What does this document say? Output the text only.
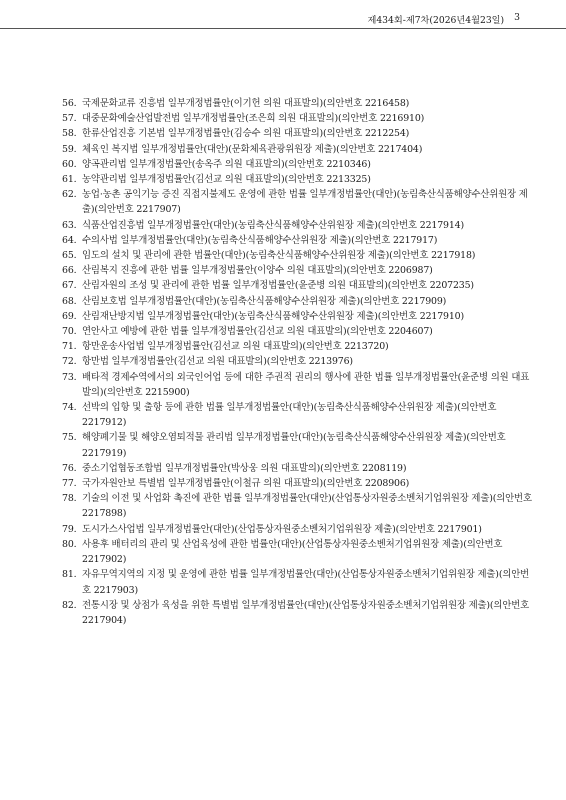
제434회-제7차(2026년4월23일) 3
56. 국제문화교류 진흥법 일부개정법률안(이기헌 의원 대표발의)(의안번호 2216458)
57. 대중문화예술산업발전법 일부개정법률안(조은희 의원 대표발의)(의안번호 2216910)
58. 한류산업진흥 기본법 일부개정법률안(김승수 의원 대표발의)(의안번호 2212254)
59. 체육인 복지법 일부개정법률안(대안)(문화체육관광위원장 제출)(의안번호 2217404)
60. 양곡관리법 일부개정법률안(송옥주 의원 대표발의)(의안번호 2210346)
61. 농약관리법 일부개정법률안(김선교 의원 대표발의)(의안번호 2213325)
62. 농업·농촌 공익기능 증진 직접지불제도 운영에 관한 법률 일부개정법률안(대안)(농림축산식품해양수산위원장 제출)(의안번호 2217907)
63. 식품산업진흥법 일부개정법률안(대안)(농림축산식품해양수산위원장 제출)(의안번호 2217914)
64. 수의사법 일부개정법률안(대안)(농림축산식품해양수산위원장 제출)(의안번호 2217917)
65. 임도의 설치 및 관리에 관한 법률안(대안)(농림축산식품해양수산위원장 제출)(의안번호 2217918)
66. 산림복지 진흥에 관한 법률 일부개정법률안(이양수 의원 대표발의)(의안번호 2206987)
67. 산림자원의 조성 및 관리에 관한 법률 일부개정법률안(윤준병 의원 대표발의)(의안번호 2207235)
68. 산림보호법 일부개정법률안(대안)(농림축산식품해양수산위원장 제출)(의안번호 2217909)
69. 산림재난방지법 일부개정법률안(대안)(농림축산식품해양수산위원장 제출)(의안번호 2217910)
70. 연안사고 예방에 관한 법률 일부개정법률안(김선교 의원 대표발의)(의안번호 2204607)
71. 항만운송사업법 일부개정법률안(김선교 의원 대표발의)(의안번호 2213720)
72. 항만법 일부개정법률안(김선교 의원 대표발의)(의안번호 2213976)
73. 배타적 경제수역에서의 외국인어업 등에 대한 주권적 권리의 행사에 관한 법률 일부개정법률안(윤준병 의원 대표발의)(의안번호 2215900)
74. 선박의 입항 및 출항 등에 관한 법률 일부개정법률안(대안)(농림축산식품해양수산위원장 제출)(의안번호 2217912)
75. 해양폐기물 및 해양오염퇴적물 관리법 일부개정법률안(대안)(농림축산식품해양수산위원장 제출)(의안번호 2217919)
76. 중소기업협동조합법 일부개정법률안(박상웅 의원 대표발의)(의안번호 2208119)
77. 국가자원안보 특별법 일부개정법률안(이철규 의원 대표발의)(의안번호 2208906)
78. 기술의 이전 및 사업화 촉진에 관한 법률 일부개정법률안(대안)(산업통상자원중소벤처기업위원장 제출)(의안번호 2217898)
79. 도시가스사업법 일부개정법률안(대안)(산업통상자원중소벤처기업위원장 제출)(의안번호 2217901)
80. 사용후 배터리의 관리 및 산업육성에 관한 법률안(대안)(산업통상자원중소벤처기업위원장 제출)(의안번호 2217902)
81. 자유무역지역의 지정 및 운영에 관한 법률 일부개정법률안(대안)(산업통상자원중소벤처기업위원장 제출)(의안번호 2217903)
82. 전통시장 및 상점가 육성을 위한 특별법 일부개정법률안(대안)(산업통상자원중소벤처기업위원장 제출)(의안번호 2217904)
